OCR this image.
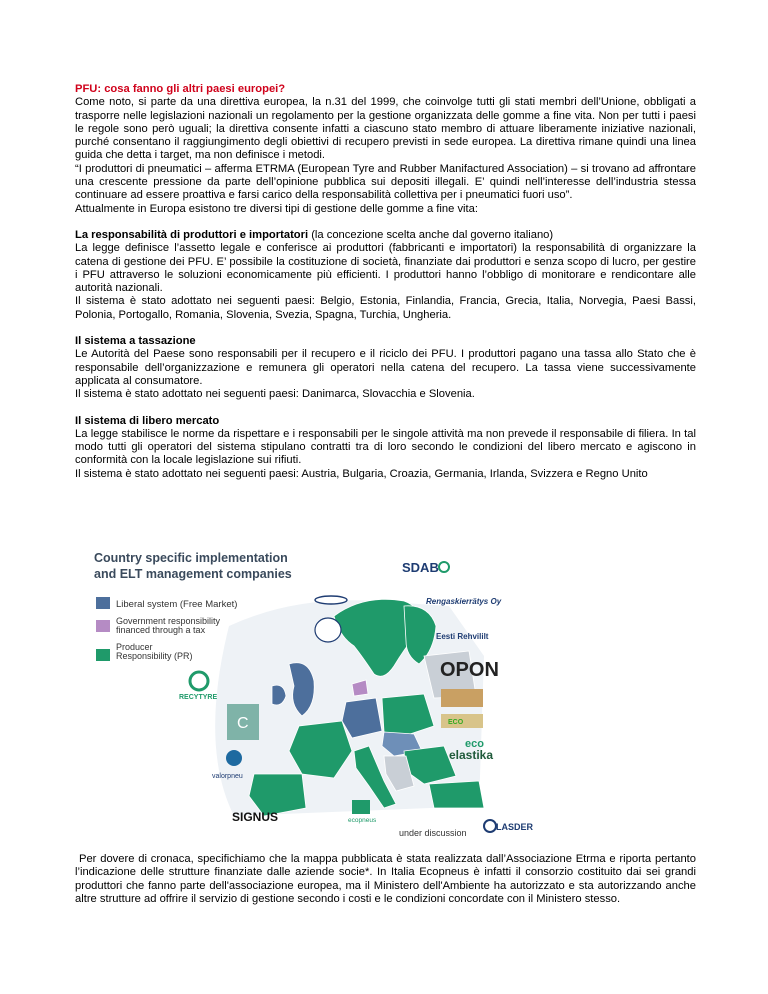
PFU: cosa fanno gli altri paesi europei?

Come noto, si parte da una direttiva europea, la n.31 del 1999, che coinvolge tutti gli stati membri dell’Unione, obbligati a trasporre nelle legislazioni nazionali un regolamento per la gestione organizzata delle gomme a fine vita. Non per tutti i paesi le regole sono però uguali; la direttiva consente infatti a ciascuno stato membro di attuare liberamente iniziative nazionali, purché consentano il raggiungimento degli obiettivi di recupero previsti in sede europea. La direttiva rimane quindi una linea guida che detta i target, ma non definisce i metodi.

“I produttori di pneumatici – afferma ETRMA (European Tyre and Rubber Manifactured Association) – si trovano ad affrontare una crescente pressione da parte dell’opinione pubblica sui depositi illegali. E’ quindi nell’interesse dell’industria stessa continuare ad essere proattiva e farsi carico della responsabilità collettiva per i pneumatici fuori uso”.

Attualmente in Europa esistono tre diversi tipi di gestione delle gomme a fine vita:

La responsabilità di produttori e importatori (la concezione scelta anche dal governo italiano)

La legge definisce l’assetto legale e conferisce ai produttori (fabbricanti e importatori) la responsabilità di organizzare la catena di gestione dei PFU. E’ possibile la costituzione di società, finanziate dai produttori e senza scopo di lucro, per gestire i PFU attraverso le soluzioni economicamente più efficienti. I produttori hanno l’obbligo di monitorare e rendicontare alle autorità nazionali.

Il sistema è stato adottato nei seguenti paesi: Belgio, Estonia, Finlandia, Francia, Grecia, Italia, Norvegia, Paesi Bassi, Polonia, Portogallo, Romania, Slovenia, Svezia, Spagna, Turchia, Ungheria.

Il sistema a tassazione

Le Autorità del Paese sono responsabili per il recupero e il riciclo dei PFU. I produttori pagano una tassa allo Stato che è responsabile dell’organizzazione e remunera gli operatori nella catena del recupero. La tassa viene successivamente applicata al consumatore.

Il sistema è stato adottato nei seguenti paesi: Danimarca, Slovacchia e Slovenia.

Il sistema di libero mercato

La legge stabilisce le norme da rispettare e i responsabili per le singole attività ma non prevede il responsabile di filiera. In tal modo tutti gli operatori del sistema stipulano contratti tra di loro secondo le condizioni del libero mercato e agiscono in conformità con la locale legislazione sui rifiuti.

Il sistema è stato adottato nei seguenti paesi: Austria, Bulgaria, Croazia, Germania, Irlanda, Svizzera e Regno Unito

Country specific implementation
and ELT management companies
Liberal system (Free Market)
Government responsibility financed through a tax
Producer Responsibility (PR)
SDAB
Rengaskierrätys Oy
Eesti Rehvililt
OPON
ECO
eco
elastika
RECYTYRE
C
valorpneu
SIGNUS	ecopneus
under discussion
LASDER

Per dovere di cronaca, specifichiamo che la mappa pubblicata è stata realizzata dall’Associazione Etrma e riporta pertanto l’indicazione delle strutture finanziate dalle aziende socie*. In Italia Ecopneus è infatti il consorzio costituito dai sei grandi produttori che fanno parte dell'associazione europea, ma il Ministero dell'Ambiente ha autorizzato e sta autorizzando anche altre strutture ad offrire il servizio di gestione secondo i costi e le condizioni concordate con il Ministero stesso.
